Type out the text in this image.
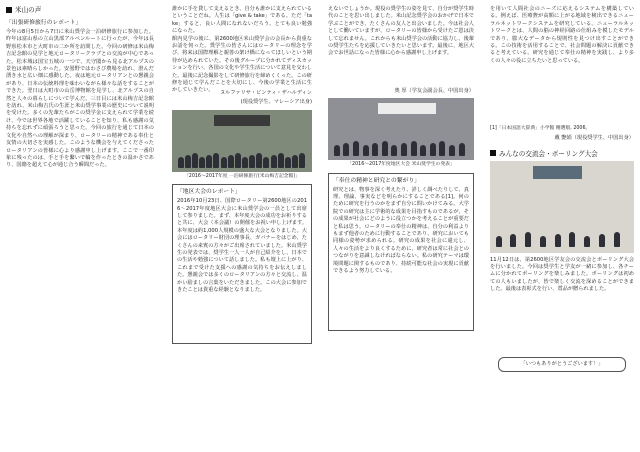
米山の声
「出張研修旅行のレポート」
今年の8月5日から7日に米山奨学会一泊研修旅行に参加した。昨年は富山県の立山黒部アルペンルートに行ったが、今年は長野県松本市と大町市の二か所を訪問した。今回の研修は米山梅吉記念館の見学と地元ロータリークラブとの交流が中心であった。松本城は国宝五城の一つで、天守閣から見る北アルプスの景色は素晴らしかった。安曇野ではわさび農場を訪れ、澄んだ湧き水と広い畑に感動した。夜は地元ロータリアンとの懇親会があり、日本の伝統料理を味わいながら様々な話をすることができた。翌日は大町市の山岳博物館を見学し、北アルプスの自然と人々の暮らしについて学んだ。三日目には米山梅吉記念館を訪れ、米山梅吉氏の生涯と米山奨学事業の歴史について説明を受けた。多くの先輩たちがこの奨学金に支えられて学業を続け、今では世界各地で活躍していることを知り、私も感謝の気持ちを忘れずに頑張ろうと思った。今回の旅行を通じて日本の文化や自然への理解が深まり、ロータリーの精神である奉仕と友情の大切さを実感した。このような機会を与えてくださったロータリアンの皆様に心より感謝申し上げます。ここで一番印象に残ったのは、手と手を繋いで輪を作ったときの温かさであり、国籍を超えて心が通じ合う瞬間だった。
誰かに手を貸して支えるとき、自分も誰かに支えられているということだね。人生は「give & take」である。ただ「take」すると、良い人間になれないだろう。とても良い勉強になった。
館内見学の後に、第2600地区米山奨学会の会長から貴重なお話を伺った。奨学生の皆さんにはロータリーの理念を学び、将来は国際理解と親善の架け橋になってほしいという期待が込められていた。その後グループに分かれてディスカッションを行い、各国の文化や学生生活について意見を交わした。最後に記念撮影をして研修旅行を締めくくった。この研修を通じて学んだことを大切にし、今後の学業と生活に生かしていきたい。	ヌルファリサ・ビンティ・ザハルディン
(現役奨学生、マレーシア出身)
「2016～2017年度 一泊研修旅行(米山梅吉記念館)」
「地区大会のレポート」
2016年10月23日、国際ロータリー第2600地区の2016～2017年度地区大会に米山奨学会の一員として出席して参りました。まず、本年度大会の成功をお祈りすると共に、大会（本会議）の開催をお祝い申し上げます。本年度は約1,000人規模の盛大な大会となりました。大会にはロータリー財団の理事長、ガバナーをはじめ、たくさんの来賓の方々がご出席されていました。米山奨学生の発表では、奨学生一人一人が自己紹介をし、日本での生活や勉強について話しました。私も壇上に上がり、これまで受けた支援への感謝の気持ちをお伝えしました。懇親会では多くのロータリアンの方々と交流し、温かい励ましの言葉をいただきました。この大会に参加できたことは貴重な経験となりました。
えないでしょうか。現役の奨学生の姿を見て、自分が奨学生時代のことを思い出しました。米山記念奨学会のおかげで日本で学ぶことができ、たくさんの友人と出会いました。今は社会人として働いていますが、ロータリーの皆様から受けたご恩は決して忘れません。これからも米山奨学会の活動に協力し、後輩の奨学生たちを応援していきたいと思います。最後に、地区大会でお世話になった皆様に心から感謝申し上げます。
奥 厚（学友会副会長、中国出身）
「2016～2017年度地区大会 米山奨学生の発表」
「奉仕の精神と研究との繋がり」
研究とは、物事を深く考えたり、詳しく調べたりして、真理、理論、事実などを明らかにすることである[1]。何のために研究を行うのかをまず自分に問いかけてみる。大学院での研究は主に学術的な成果を目指すものであるが、その成果が社会にどのように役立つかを考えることが重要だと私は思う。ロータリーの奉仕の精神は、自分の利益よりもまず他者のために行動することであり、研究においても同様の姿勢が求められる。研究の成果を社会に還元し、人々の生活をより良くするために、研究者は常に社会とのつながりを意識しなければならない。私の研究テーマは環境問題に関するものであり、持続可能な社会の実現に貢献できるよう努力している。
を用いて人間社会のニーズに応えるシステムを構築している。例えば、医療費が高額に上がる地域を検出できるニューラルネットワークシステムを研究している。ニューラルネットワークとは、人間の脳の神経回路の仕組みを模したモデルであり、膨大なデータから規則性を見つけ出すことができる。この技術を活用することで、社会問題の解決に貢献できると考えている。研究を通じて奉仕の精神を実践し、より多くの人々の役に立ちたいと思っている。
[1]「日本国語大辞典」小学館 精選版, 2006。
戴 艶娟（現役奨学生、中国出身）
みんなの交流会・ボーリング大会
11月12日は、第2600地区学友会の交流会とボーリング大会を行いました。今回は奨学生と学友が一緒に参加し、各チームに分かれてボーリングを楽しみました。ボーリングは初めての人もいましたが、皆で楽しく交流を深めることができました。最後は表彰式を行い、賞品が贈られました。
「いつもありがとうございます！」
